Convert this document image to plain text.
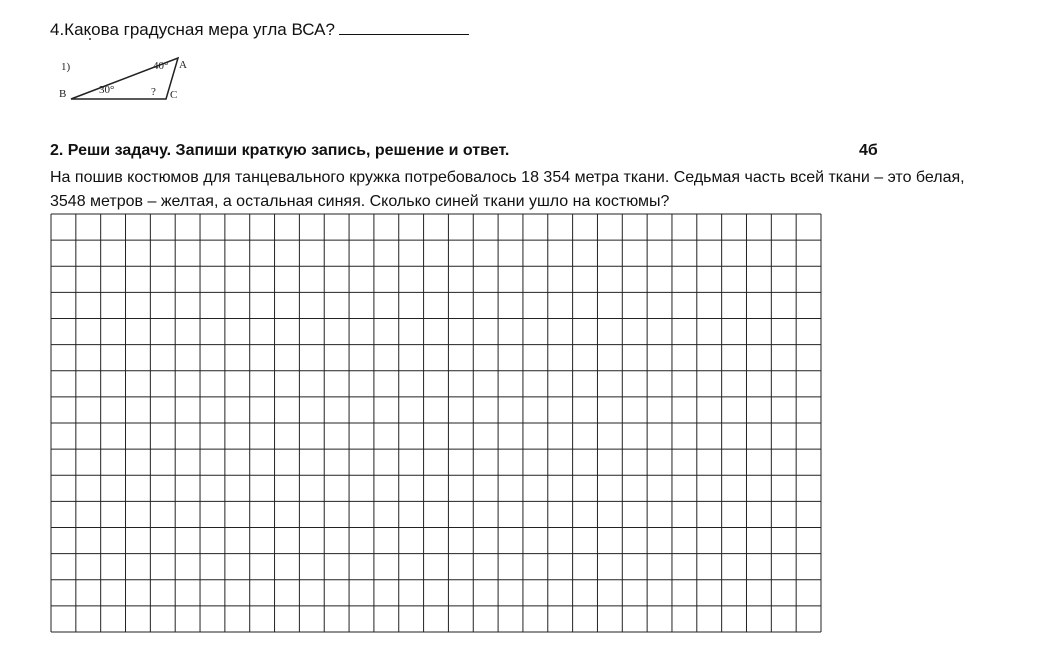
4.Какова градусная мера угла ВСА?
1)
B
A
C
40°
30°	?
2. Реши задачу. Запиши краткую запись, решение и ответ.	4б
На пошив костюмов для танцевального кружка потребовалось 18 354 метра ткани. Седьмая часть всей ткани – это белая, 3548 метров – желтая, а остальная синяя. Сколько синей ткани ушло на костюмы?
